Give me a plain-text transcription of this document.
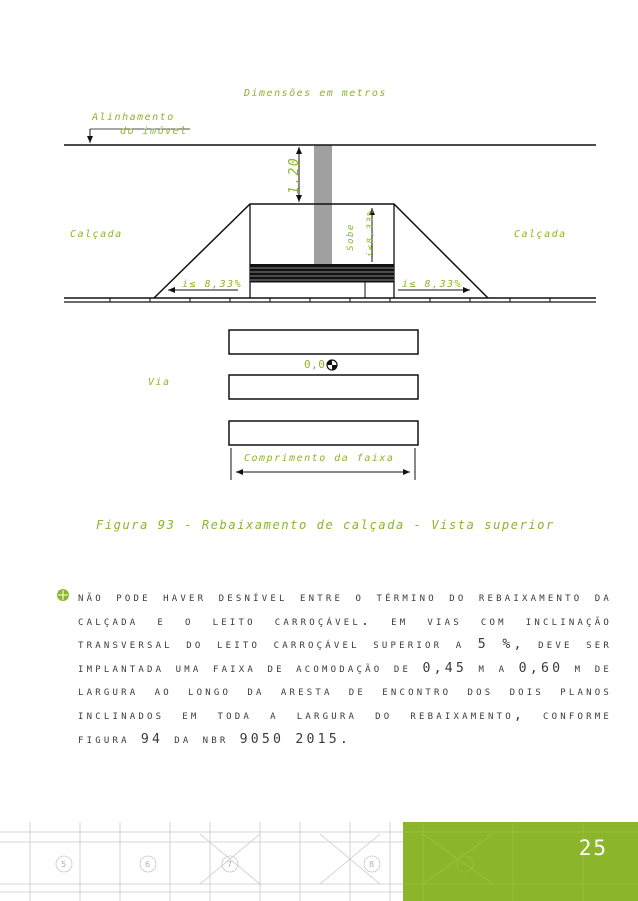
Dimensões em metros
Alinhamento
do imóvel
1,20
Calçada	Calçada
Sobe i≤8,33%
i≤ 8,33%	i≤ 8,33%
0,0
Via
Comprimento da faixa
Figura 93 - Rebaixamento de calçada - Vista superior

não pode haver desnível entre o término do rebaixamento da calçada e o leito carroçável. em vias com inclinação transversal do leito carroçável superior a 5 %, deve ser implantada uma faixa de acomodação de 0,45 m a 0,60 m de largura ao longo da aresta de encontro dos dois planos inclinados em toda a largura do rebaixamento, conforme figura 94 da nbr 9050 2015.

5	6	7	8
25
